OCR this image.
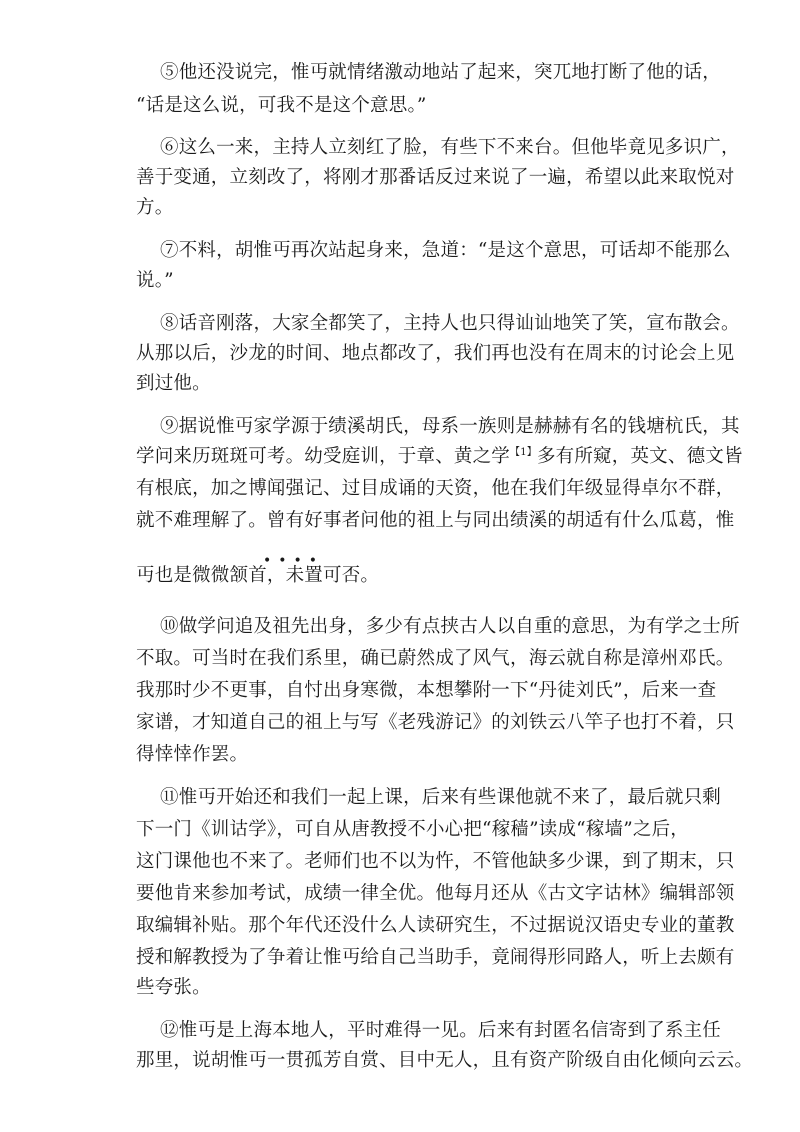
⑤他还没说完，惟丏就情绪激动地站了起来，突兀地打断了他的话，
“话是这么说，可我不是这个意思。”
⑥这么一来，主持人立刻红了脸，有些下不来台。但他毕竟见多识广，
善于变通，立刻改了，将刚才那番话反过来说了一遍，希望以此来取悦对
方。
⑦不料，胡惟丏再次站起身来，急道：“是这个意思，可话却不能那么
说。”
⑧话音刚落，大家全都笑了，主持人也只得讪讪地笑了笑，宣布散会。
从那以后，沙龙的时间、地点都改了，我们再也没有在周末的讨论会上见
到过他。
⑨据说惟丏家学源于绩溪胡氏，母系一族则是赫赫有名的钱塘杭氏，其
学问来历斑斑可考。幼受庭训，于章、黄之学$^{【1】}$多有所窥，英文、德文皆
有根底，加之博闻强记、过目成诵的天资，他在我们年级显得卓尔不群，
就不难理解了。曾有好事者问他的祖上与同出绩溪的胡适有什么瓜葛，惟
••••
丏也是微微颔首，未置可否。
⑩做学问追及祖先出身，多少有点挟古人以自重的意思，为有学之士所
不取。可当时在我们系里，确已蔚然成了风气，海云就自称是漳州邓氏。
我那时少不更事，自忖出身寒微，本想攀附一下“丹徒刘氏”，后来一查
家谱，才知道自己的祖上与写《老残游记》的刘铁云八竿子也打不着，只
得悻悻作罢。
⑪惟丏开始还和我们一起上课，后来有些课他就不来了，最后就只剩
下一门《训诂学》，可自从唐教授不小心把“稼穑”读成“稼墙”之后，
这门课他也不来了。老师们也不以为忤，不管他缺多少课，到了期末，只
要他肯来参加考试，成绩一律全优。他每月还从《古文字诂林》编辑部领
取编辑补贴。那个年代还没什么人读研究生，不过据说汉语史专业的董教
授和解教授为了争着让惟丏给自己当助手，竟闹得形同路人，听上去颇有
些夸张。
⑫惟丏是上海本地人，平时难得一见。后来有封匿名信寄到了系主任
那里，说胡惟丏一贯孤芳自赏、目中无人，且有资产阶级自由化倾向云云。
